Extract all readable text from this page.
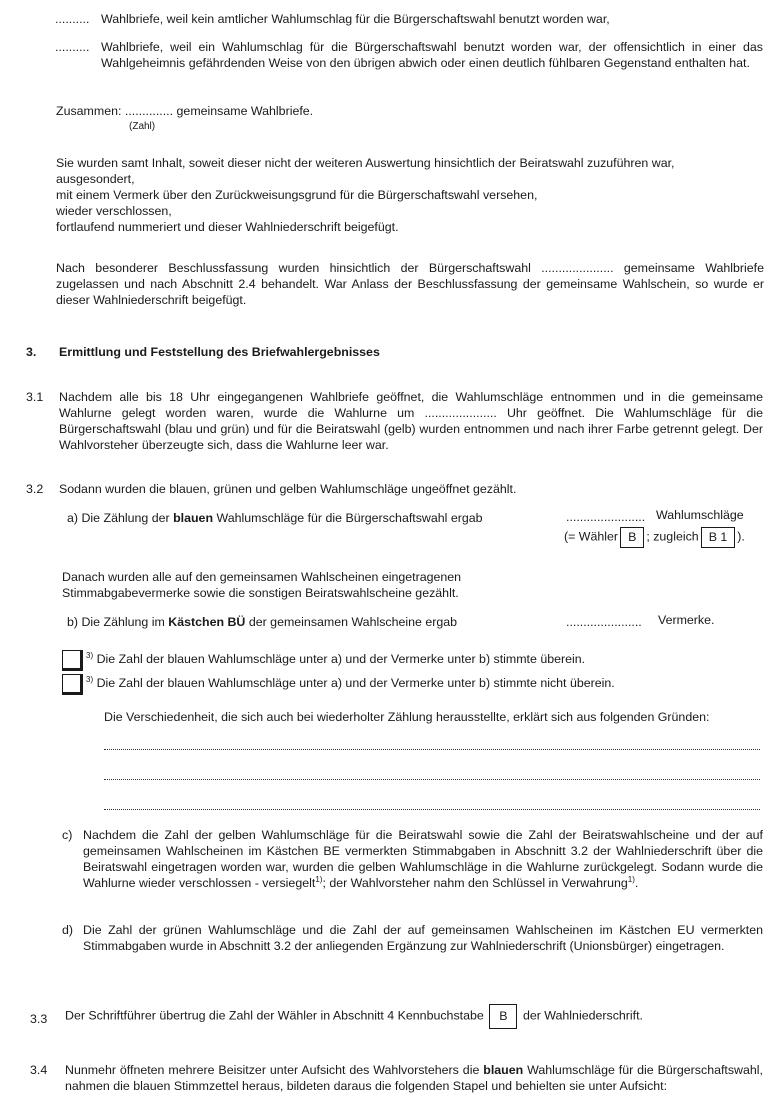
.......... Wahlbriefe, weil kein amtlicher Wahlumschlag für die Bürgerschaftswahl benutzt worden war,
.......... Wahlbriefe, weil ein Wahlumschlag für die Bürgerschaftswahl benutzt worden war, der offensichtlich in einer das Wahlgeheimnis gefährdenden Weise von den übrigen abwich oder einen deutlich fühlbaren Gegenstand enthalten hat.
Zusammen: .............. gemeinsame Wahlbriefe.
(Zahl)
Sie wurden samt Inhalt, soweit dieser nicht der weiteren Auswertung hinsichtlich der Beiratswahl zuzuführen war,
ausgesondert,
mit einem Vermerk über den Zurückweisungsgrund für die Bürgerschaftswahl versehen,
wieder verschlossen,
fortlaufend nummeriert und dieser Wahlniederschrift beigefügt.
Nach besonderer Beschlussfassung wurden hinsichtlich der Bürgerschaftswahl ..................... gemeinsame Wahlbriefe zugelassen und nach Abschnitt 2.4 behandelt. War Anlass der Beschlussfassung der gemeinsame Wahlschein, so wurde er dieser Wahlniederschrift beigefügt.
3. Ermittlung und Feststellung des Briefwahlergebnisses
3.1 Nachdem alle bis 18 Uhr eingegangenen Wahlbriefe geöffnet, die Wahlumschläge entnommen und in die gemeinsame Wahlurne gelegt worden waren, wurde die Wahlurne um ..................... Uhr geöffnet. Die Wahlumschläge für die Bürgerschaftswahl (blau und grün) und für die Beiratswahl (gelb) wurden entnommen und nach ihrer Farbe getrennt gelegt. Der Wahlvorsteher überzeugte sich, dass die Wahlurne leer war.
3.2 Sodann wurden die blauen, grünen und gelben Wahlumschläge ungeöffnet gezählt.
a) Die Zählung der blauen Wahlumschläge für die Bürgerschaftswahl ergab	....................... Wahlumschläge
(= Wähler B ; zugleich B 1 ).
Danach wurden alle auf den gemeinsamen Wahlscheinen eingetragenen Stimmabgabevermerke sowie die sonstigen Beiratswahlscheine gezählt.
b) Die Zählung im Kästchen BÜ der gemeinsamen Wahlscheine ergab	...................... Vermerke.
$^{3)}$ Die Zahl der blauen Wahlumschläge unter a) und der Vermerke unter b) stimmte überein.
$^{3)}$ Die Zahl der blauen Wahlumschläge unter a) und der Vermerke unter b) stimmte nicht überein.
Die Verschiedenheit, die sich auch bei wiederholter Zählung herausstellte, erklärt sich aus folgenden Gründen:
c) Nachdem die Zahl der gelben Wahlumschläge für die Beiratswahl sowie die Zahl der Beiratswahlscheine und der auf gemeinsamen Wahlscheinen im Kästchen BE vermerkten Stimmabgaben in Abschnitt 3.2 der Wahlniederschrift über die Beiratswahl eingetragen worden war, wurden die gelben Wahlumschläge in die Wahlurne zurückgelegt. Sodann wurde die Wahlurne wieder verschlossen - versiegelt$^{1)}$; der Wahlvorsteher nahm den Schlüssel in Verwahrung$^{1)}$.
d) Die Zahl der grünen Wahlumschläge und die Zahl der auf gemeinsamen Wahlscheinen im Kästchen EU vermerkten Stimmabgaben wurde in Abschnitt 3.2 der anliegenden Ergänzung zur Wahlniederschrift (Unionsbürger) eingetragen.
3.3 Der Schriftführer übertrug die Zahl der Wähler in Abschnitt 4 Kennbuchstabe B der Wahlniederschrift.
3.4 Nunmehr öffneten mehrere Beisitzer unter Aufsicht des Wahlvorstehers die blauen Wahlumschläge für die Bürgerschaftswahl, nahmen die blauen Stimmzettel heraus, bildeten daraus die folgenden Stapel und behielten sie unter Aufsicht:
